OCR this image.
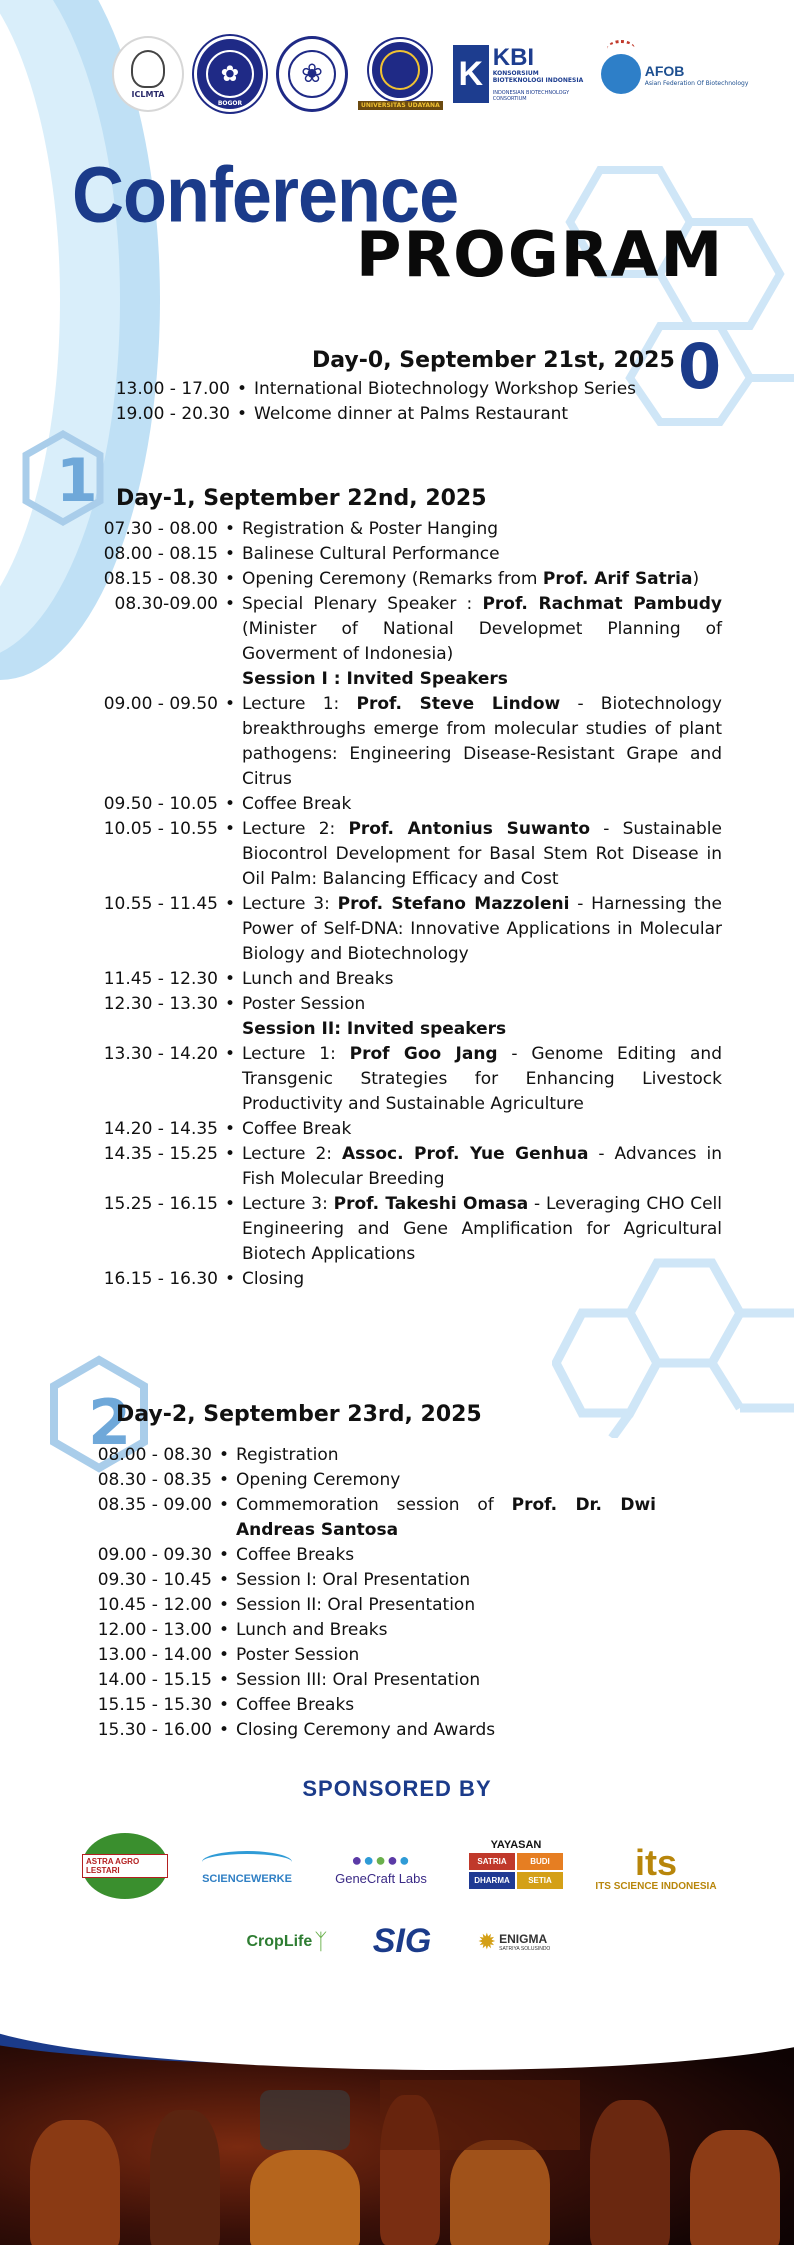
ICLMTA
✿
BOGOR
❀
UNIVERSITAS UDAYANA
K KBI
KONSORSIUM BIOTEKNOLOGI INDONESIA
INDONESIAN BIOTECHNOLOGY CONSORTIUM
AFOB
Asian Federation Of Biotechnology
Conference
PROGRAM
0
Day-0, September 21st, 2025
13.00 - 17.00 • International Biotechnology Workshop Series
19.00 - 20.30 • Welcome dinner at Palms Restaurant
1 Day-1, September 22nd, 2025
07.30 - 08.00 • Registration & Poster Hanging
08.00 - 08.15 • Balinese Cultural Performance
08.15 - 08.30 • Opening Ceremony (Remarks from Prof. Arif Satria)
08.30-09.00 • Special Plenary Speaker : Prof. Rachmat Pambudy (Minister of National Developmet Planning of Goverment of Indonesia)
Session I : Invited Speakers
09.00 - 09.50 • Lecture 1: Prof. Steve Lindow - Biotechnology breakthroughs emerge from molecular studies of plant pathogens: Engineering Disease-Resistant Grape and Citrus
09.50 - 10.05 • Coffee Break
10.05 - 10.55 • Lecture 2: Prof. Antonius Suwanto - Sustainable Biocontrol Development for Basal Stem Rot Disease in Oil Palm: Balancing Efficacy and Cost
10.55 - 11.45 • Lecture 3: Prof. Stefano Mazzoleni - Harnessing the Power of Self-DNA: Innovative Applications in Molecular Biology and Biotechnology
11.45 - 12.30 • Lunch and Breaks
12.30 - 13.30 • Poster Session
Session II: Invited speakers
13.30 - 14.20 • Lecture 1: Prof Goo Jang - Genome Editing and Transgenic Strategies for Enhancing Livestock Productivity and Sustainable Agriculture
14.20 - 14.35 • Coffee Break
14.35 - 15.25 • Lecture 2: Assoc. Prof. Yue Genhua - Advances in Fish Molecular Breeding
15.25 - 16.15 • Lecture 3: Prof. Takeshi Omasa - Leveraging CHO Cell Engineering and Gene Amplification for Agricultural Biotech Applications
16.15 - 16.30 • Closing
2
Day-2, September 23rd, 2025
08.00 - 08.30 • Registration
08.30 - 08.35 • Opening Ceremony
08.35 - 09.00 • Commemoration session of Prof. Dr. Dwi Andreas Santosa
09.00 - 09.30 • Coffee Breaks
09.30 - 10.45 • Session I: Oral Presentation
10.45 - 12.00 • Session II: Oral Presentation
12.00 - 13.00 • Lunch and Breaks
13.00 - 14.00 • Poster Session
14.00 - 15.15 • Session III: Oral Presentation
15.15 - 15.30 • Coffee Breaks
15.30 - 16.00 • Closing Ceremony and Awards
SPONSORED BY
ASTRA AGRO LESTARI
SCIENCEWERKE
●●●●●
GeneCraft Labs
YAYASAN
SATRIA	BUDI
DHARMA	SETIA	its
ITS SCIENCE INDONESIA
CropLife ᛉ SIG ✹ ENIGMA
SATRIYA SOLUSINDO
